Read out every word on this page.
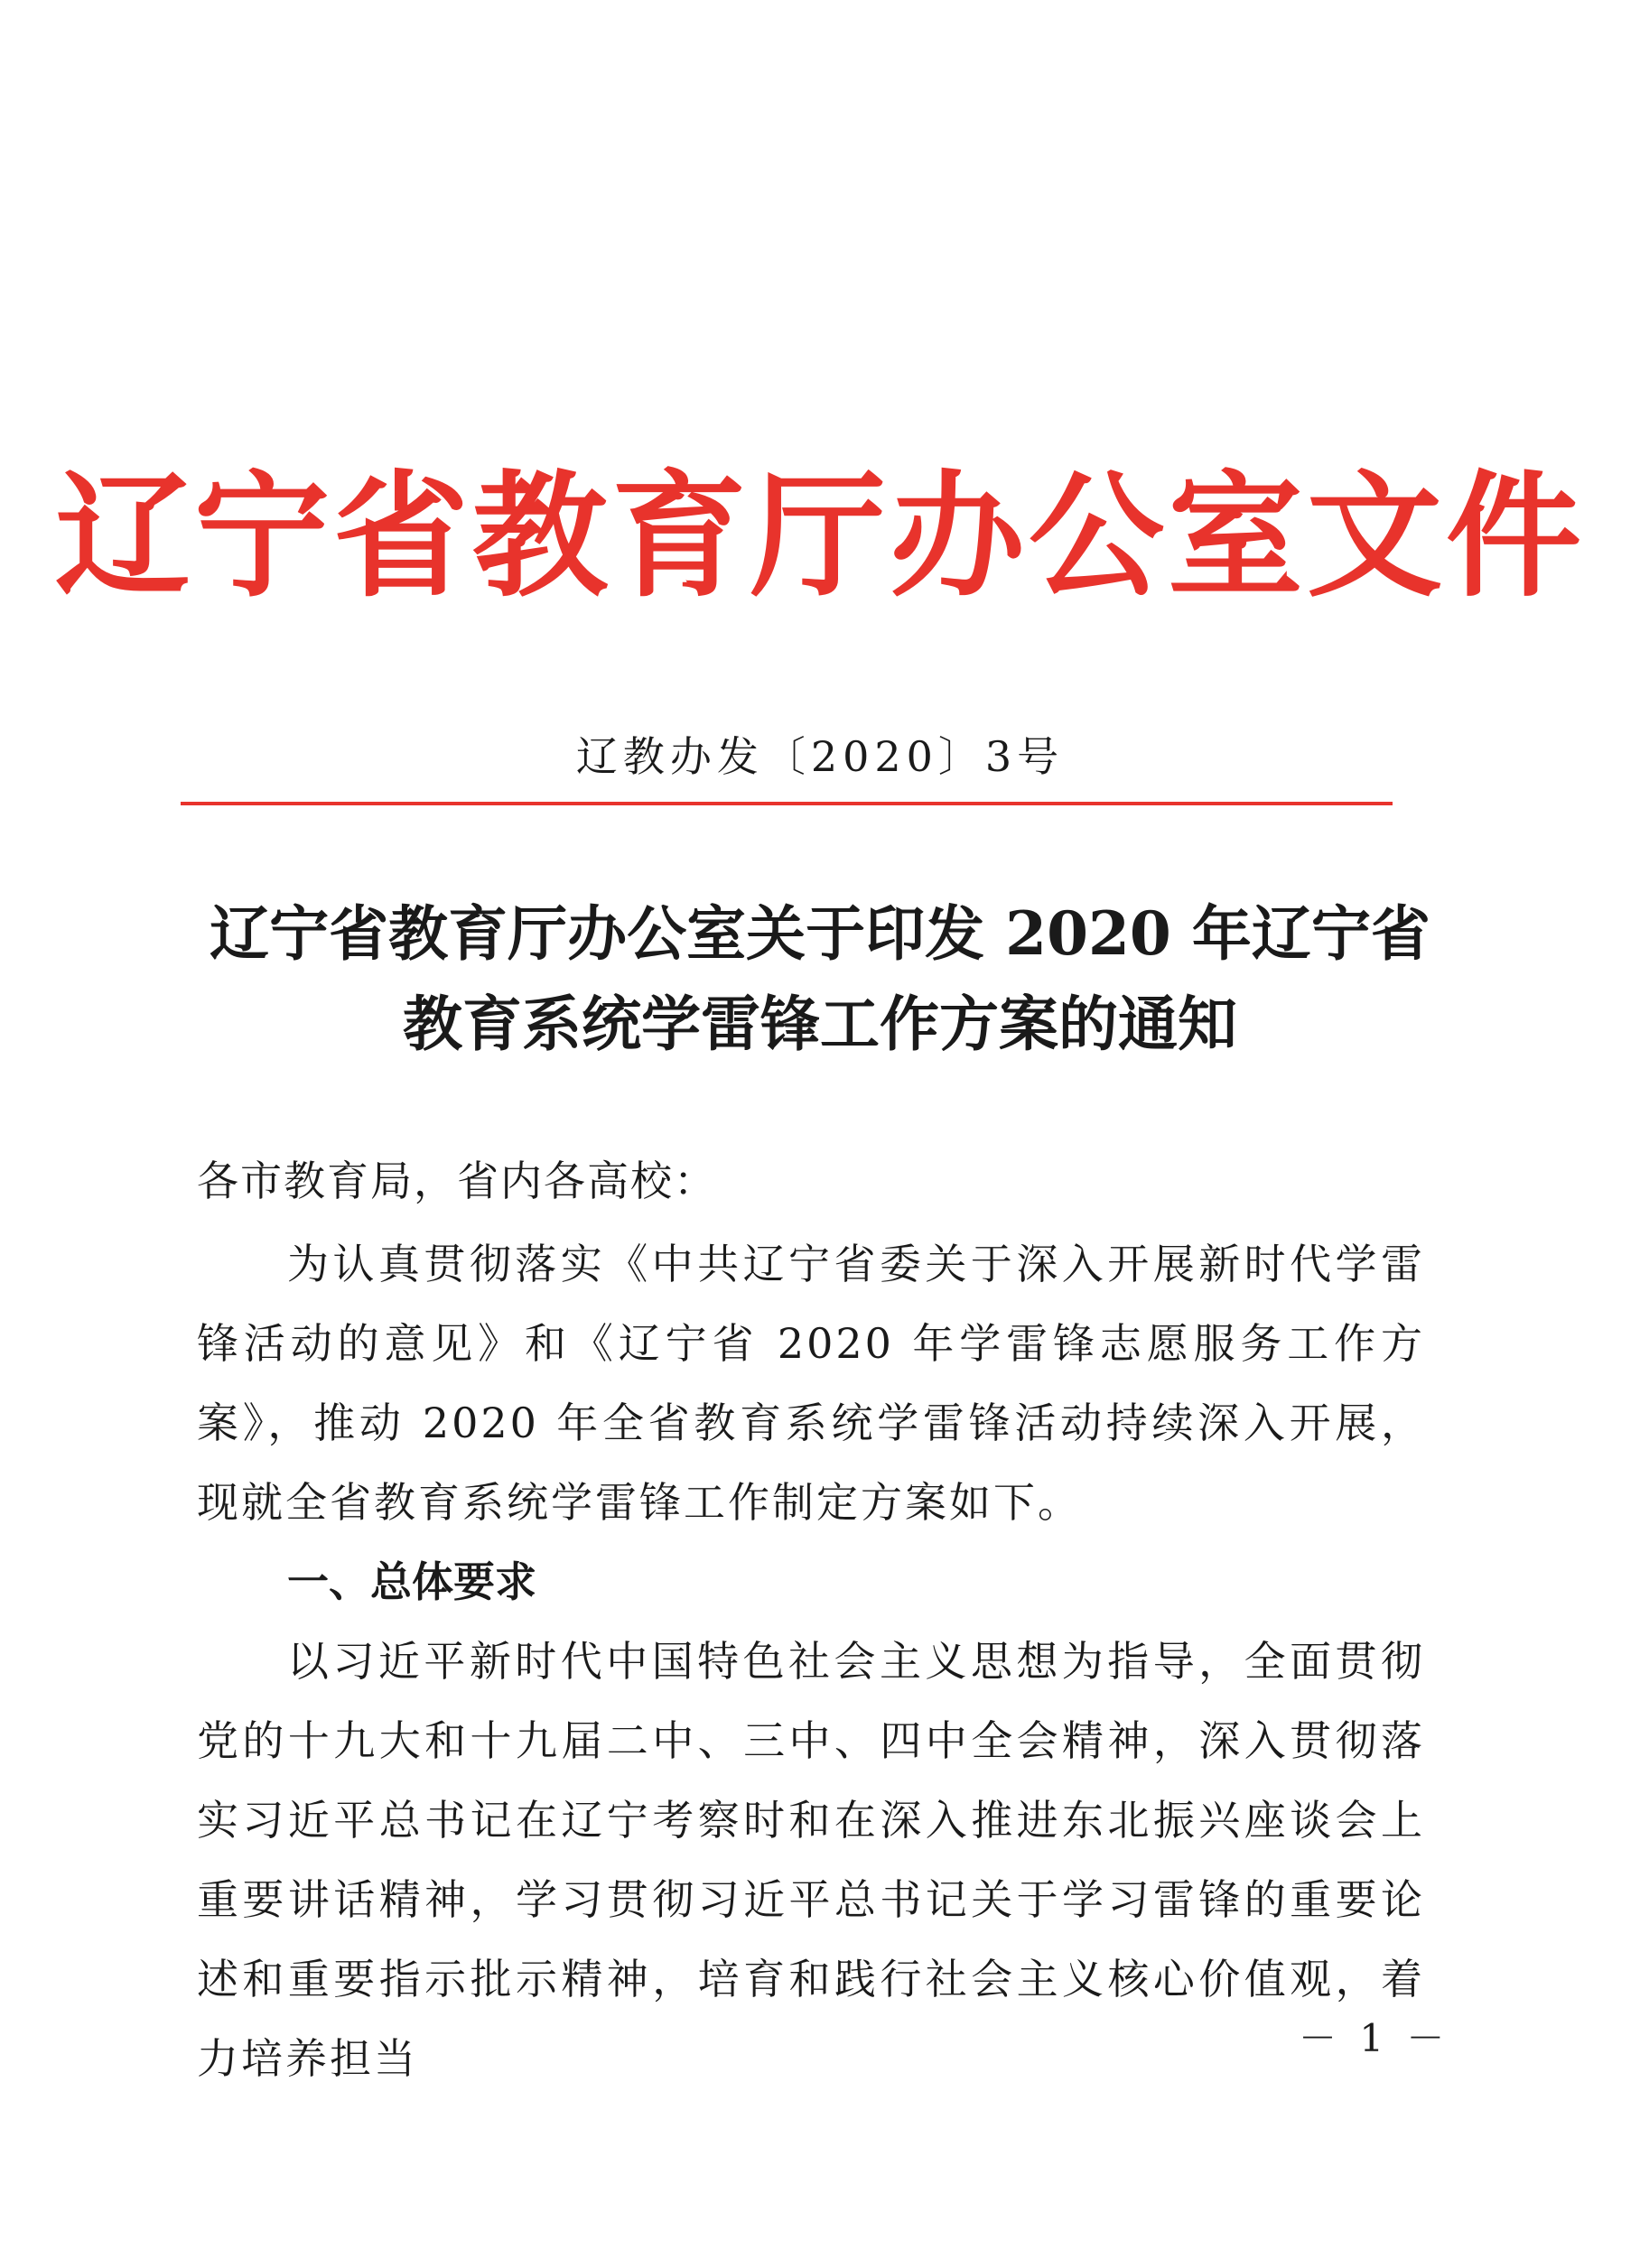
辽宁省教育厅办公室文件
辽教办发〔2020〕3号
辽宁省教育厅办公室关于印发 2020 年辽宁省
教育系统学雷锋工作方案的通知
各市教育局，省内各高校：
为认真贯彻落实《中共辽宁省委关于深入开展新时代学雷锋活动的意见》和《辽宁省 2020 年学雷锋志愿服务工作方案》，推动 2020 年全省教育系统学雷锋活动持续深入开展，现就全省教育系统学雷锋工作制定方案如下。
一、总体要求
以习近平新时代中国特色社会主义思想为指导，全面贯彻党的十九大和十九届二中、三中、四中全会精神，深入贯彻落实习近平总书记在辽宁考察时和在深入推进东北振兴座谈会上重要讲话精神，学习贯彻习近平总书记关于学习雷锋的重要论述和重要指示批示精神，培育和践行社会主义核心价值观，着力培养担当	－ 1 －
